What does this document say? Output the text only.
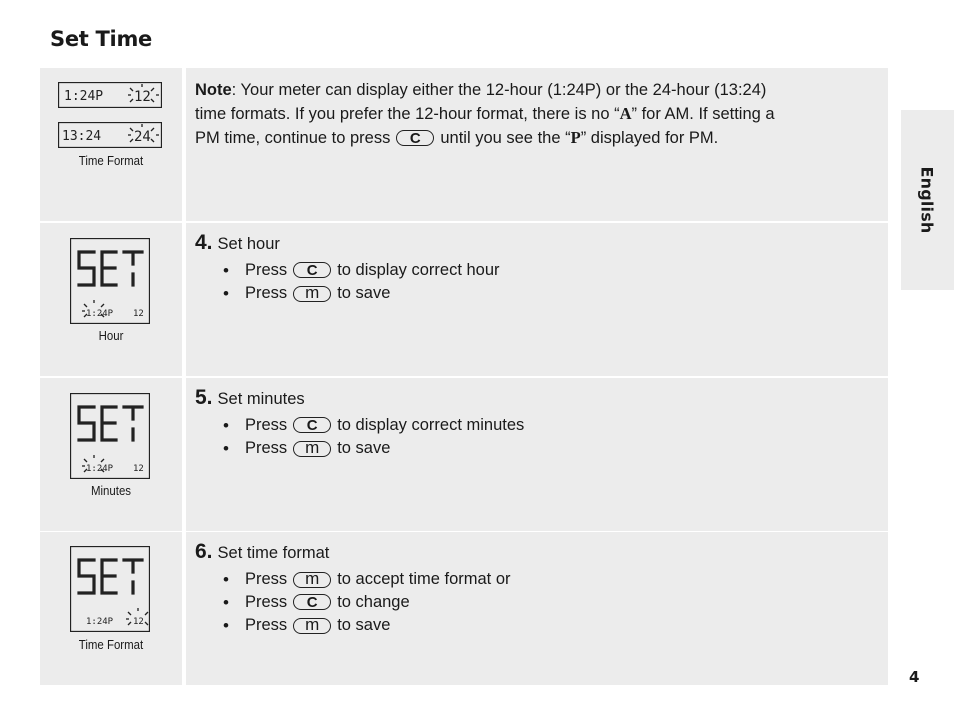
Set Time
1:24P 12
13:24 24
Time Format
Note: Your meter can display either the 12-hour (1:24P) or the 24-hour (13:24)
time formats. If you prefer the 12-hour format, there is no “A” for AM. If setting a
PM time, continue to press C until you see the “P” displayed for PM.
1:24P 12
Hour
4. Set hour
• Press C to display correct hour
• Press m to save
1:24P 12
Minutes
5. Set minutes
• Press C to display correct minutes
• Press m to save
1:24P 12
Time Format
6. Set time format
• Press m to accept time format or
• Press C to change
• Press m to save
English
4
